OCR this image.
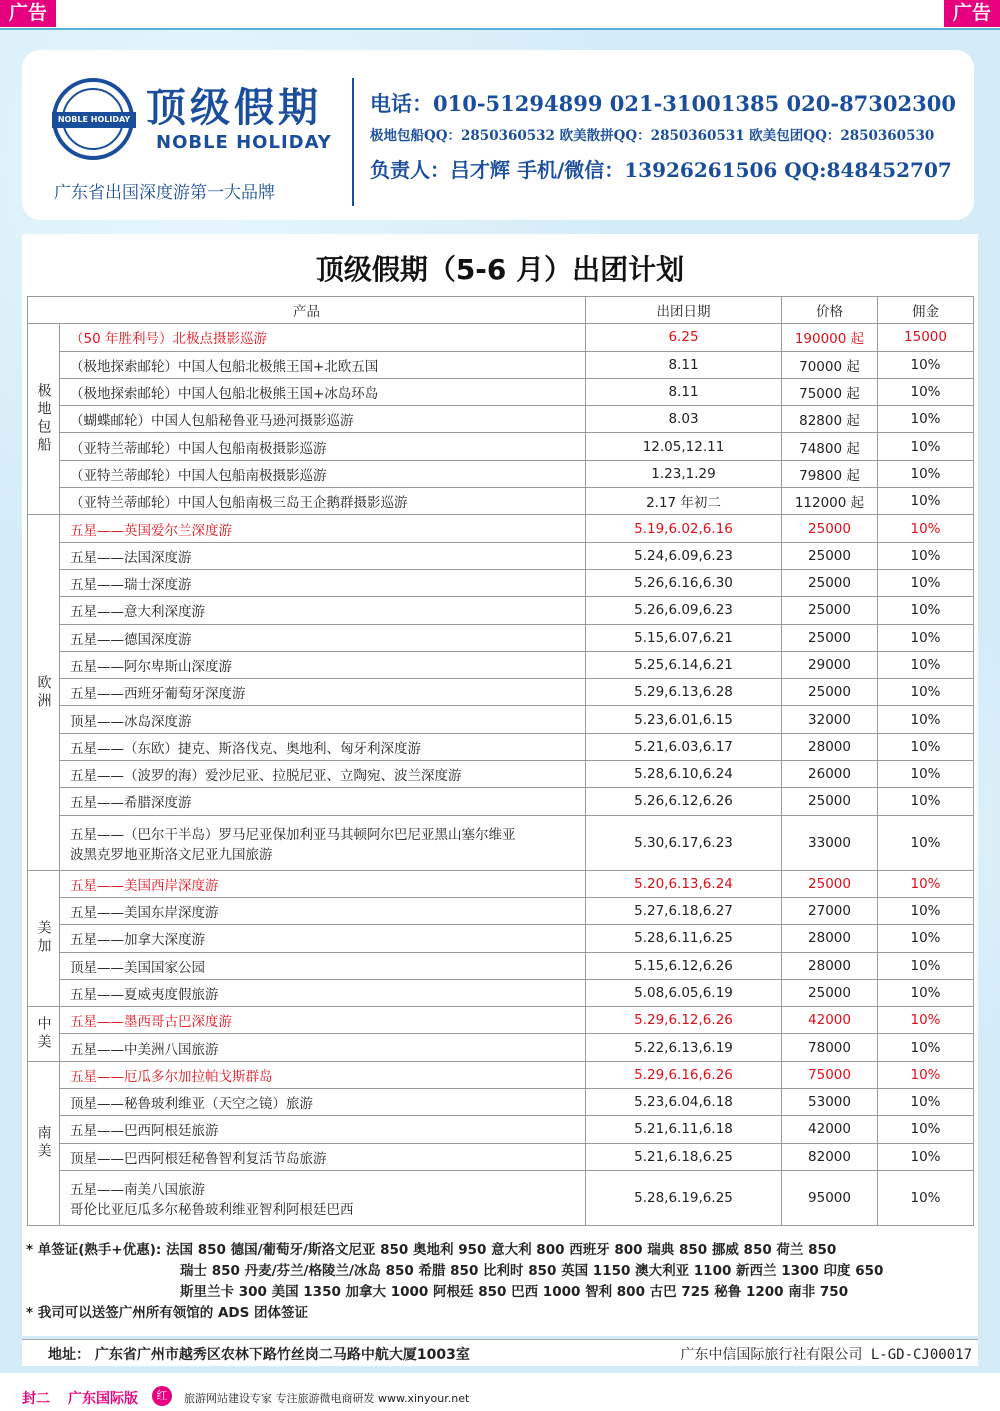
广告	广告
NOBLE HOLIDAY 顶级假期
NOBLE HOLIDAY
广东省出国深度游第一大品牌
电话：010-51294899 021-31001385 020-87302300
极地包船QQ：2850360532 欧美散拼QQ：2850360531 欧美包团QQ：2850360530
负责人：吕才辉 手机/微信：13926261506 QQ:848452707
顶级假期（5-6 月）出团计划
产品		出团日期	价格	佣金
极地包船	（50 年胜利号）北极点摄影巡游	6.25	190000 起	15000

	（极地探索邮轮）中国人包船北极熊王国+北欧五国	8.11	70000 起	10%

	（极地探索邮轮）中国人包船北极熊王国+冰岛环岛	8.11	75000 起	10%

	（蝴蝶邮轮）中国人包船秘鲁亚马逊河摄影巡游	8.03	82800 起	10%

	（亚特兰蒂邮轮）中国人包船南极摄影巡游	12.05,12.11	74800 起	10%

	（亚特兰蒂邮轮）中国人包船南极摄影巡游	1.23,1.29	79800 起	10%

	（亚特兰蒂邮轮）中国人包船南极三岛王企鹅群摄影巡游	2.17 年初二	112000 起	10%
欧洲	五星——英国爱尔兰深度游	5.19,6.02,6.16	25000	10%

	五星——法国深度游	5.24,6.09,6.23	25000	10%

	五星——瑞士深度游	5.26,6.16,6.30	25000	10%

	五星——意大利深度游	5.26,6.09,6.23	25000	10%

	五星——德国深度游	5.15,6.07,6.21	25000	10%

	五星——阿尔卑斯山深度游	5.25,6.14,6.21	29000	10%

	五星——西班牙葡萄牙深度游	5.29,6.13,6.28	25000	10%

	顶星——冰岛深度游	5.23,6.01,6.15	32000	10%

	五星——（东欧）捷克、斯洛伐克、奥地利、匈牙利深度游	5.21,6.03,6.17	28000	10%

	五星——（波罗的海）爱沙尼亚、拉脱尼亚、立陶宛、波兰深度游	5.28,6.10,6.24	26000	10%

	五星——希腊深度游	5.26,6.12,6.26	25000	10%

	五星——（巴尔干半岛）罗马尼亚保加利亚马其顿阿尔巴尼亚黑山塞尔维亚
波黑克罗地亚斯洛文尼亚九国旅游	5.30,6.17,6.23	33000	10%
美加	五星——美国西岸深度游	5.20,6.13,6.24	25000	10%

	五星——美国东岸深度游	5.27,6.18,6.27	27000	10%

	五星——加拿大深度游	5.28,6.11,6.25	28000	10%

	顶星——美国国家公园	5.15,6.12,6.26	28000	10%

	五星——夏威夷度假旅游	5.08,6.05,6.19	25000	10%
中美	五星——墨西哥古巴深度游	5.29,6.12,6.26	42000	10%

	五星——中美洲八国旅游	5.22,6.13,6.19	78000	10%
南美	五星——厄瓜多尔加拉帕戈斯群岛	5.29,6.16,6.26	75000	10%

	顶星——秘鲁玻利维亚（天空之镜）旅游	5.23,6.04,6.18	53000	10%

	五星——巴西阿根廷旅游	5.21,6.11,6.18	42000	10%

	顶星——巴西阿根廷秘鲁智利复活节岛旅游	5.21,6.18,6.25	82000	10%

	五星——南美八国旅游
哥伦比亚厄瓜多尔秘鲁玻利维亚智利阿根廷巴西	5.28,6.19,6.25	95000	10%
* 单签证(熟手+优惠): 法国 850 德国/葡萄牙/斯洛文尼亚 850 奥地利 950 意大利 800 西班牙 800 瑞典 850 挪威 850 荷兰 850
瑞士 850 丹麦/芬兰/格陵兰/冰岛 850 希腊 850 比利时 850 英国 1150 澳大利亚 1100 新西兰 1300 印度 650
斯里兰卡 300 美国 1350 加拿大 1000 阿根廷 850 巴西 1000 智利 800 古巴 725 秘鲁 1200 南非 750
* 我司可以送签广州所有领馆的 ADS 团体签证
地址： 广东省广州市越秀区农林下路竹丝岗二马路中航大厦1003室	广东中信国际旅行社有限公司 L-GD-CJ00017
封二 广东国际版	红	旅游网站建设专家 专注旅游微电商研发 www.xinyour.net
